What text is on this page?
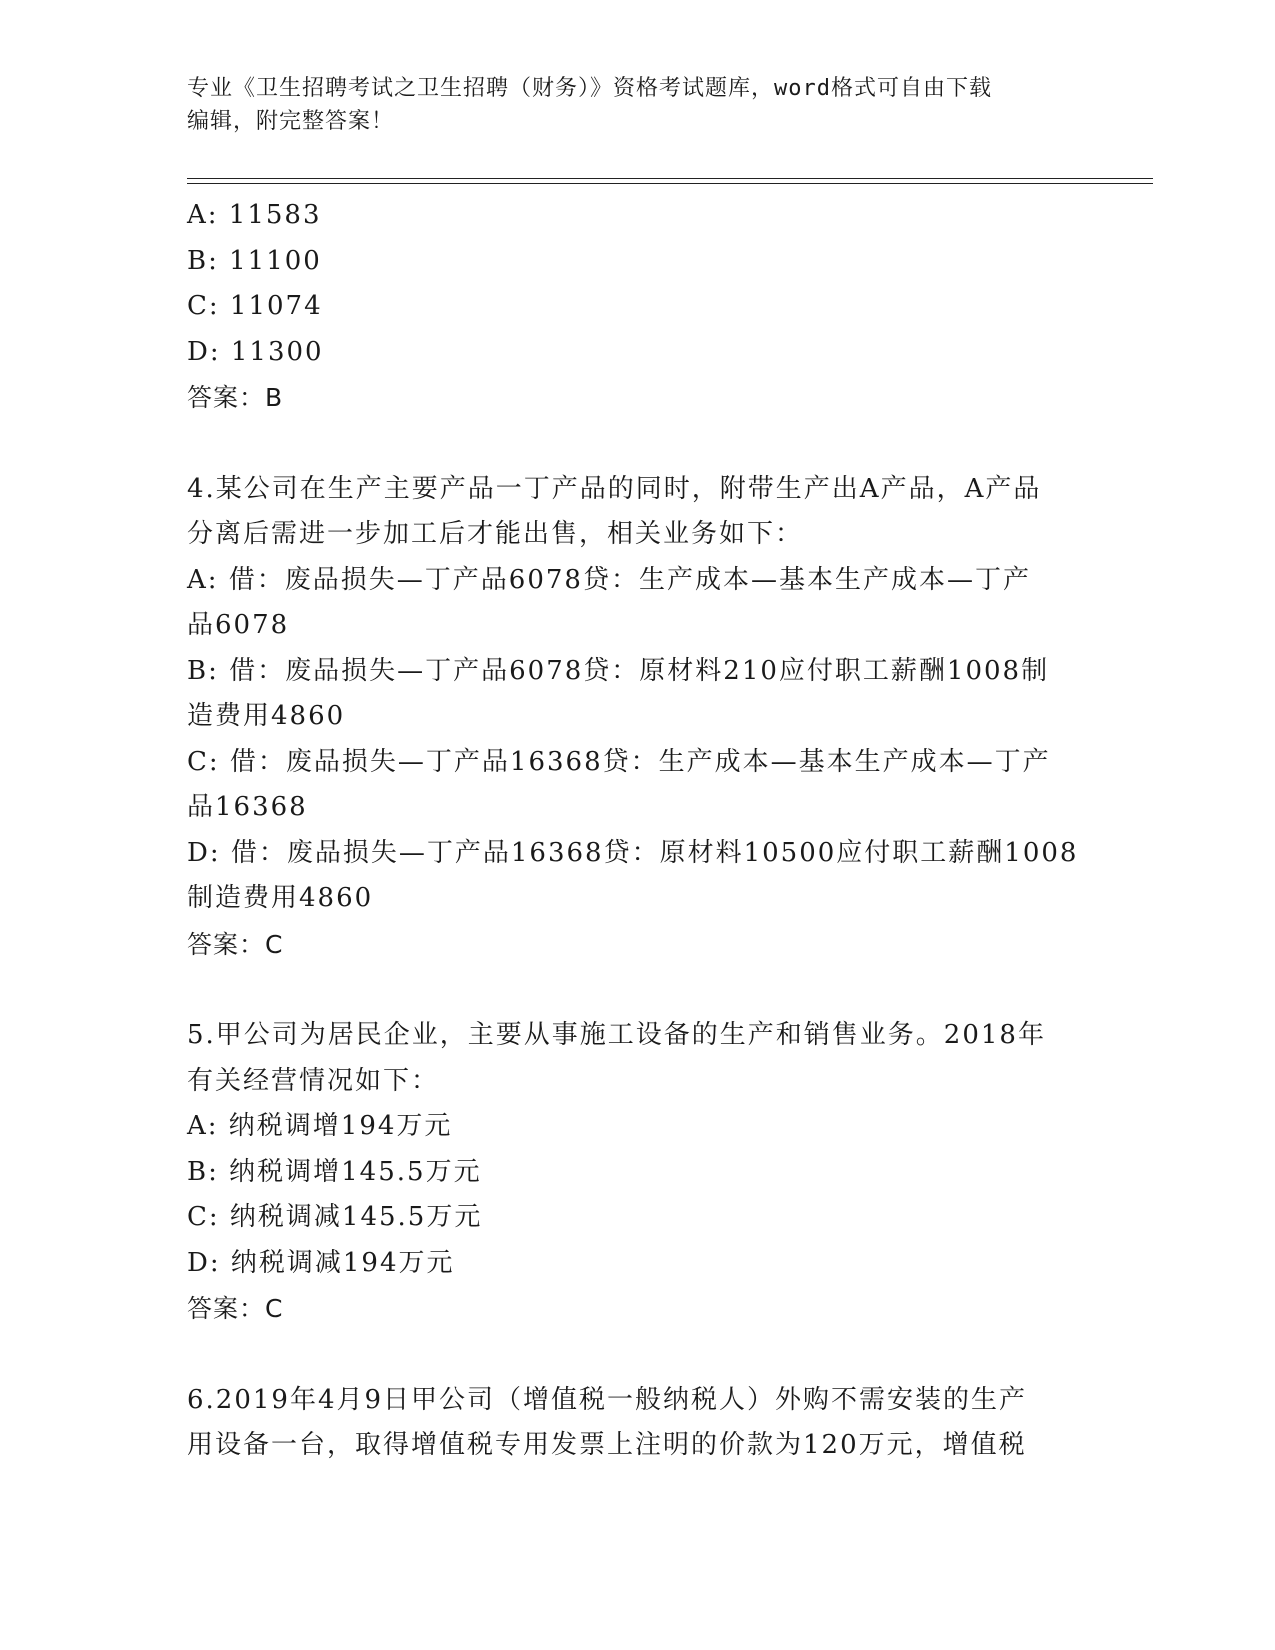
专业《卫生招聘考试之卫生招聘（财务）》资格考试题库，word格式可自由下载
编辑，附完整答案！
A: 11583
B: 11100
C: 11074
D: 11300
答案：B
4.某公司在生产主要产品一丁产品的同时，附带生产出A产品，A产品
分离后需进一步加工后才能出售，相关业务如下：
A: 借：废品损失—丁产品6078贷：生产成本—基本生产成本—丁产
品6078
B: 借：废品损失—丁产品6078贷：原材料210应付职工薪酬1008制
造费用4860
C: 借：废品损失—丁产品16368贷：生产成本—基本生产成本—丁产
品16368
D: 借：废品损失—丁产品16368贷：原材料10500应付职工薪酬1008
制造费用4860
答案：C
5.甲公司为居民企业，主要从事施工设备的生产和销售业务。2018年
有关经营情况如下：
A: 纳税调增194万元
B: 纳税调增145.5万元
C: 纳税调减145.5万元
D: 纳税调减194万元
答案：C
6.2019年4月9日甲公司（增值税一般纳税人）外购不需安装的生产
用设备一台，取得增值税专用发票上注明的价款为120万元，增值税
